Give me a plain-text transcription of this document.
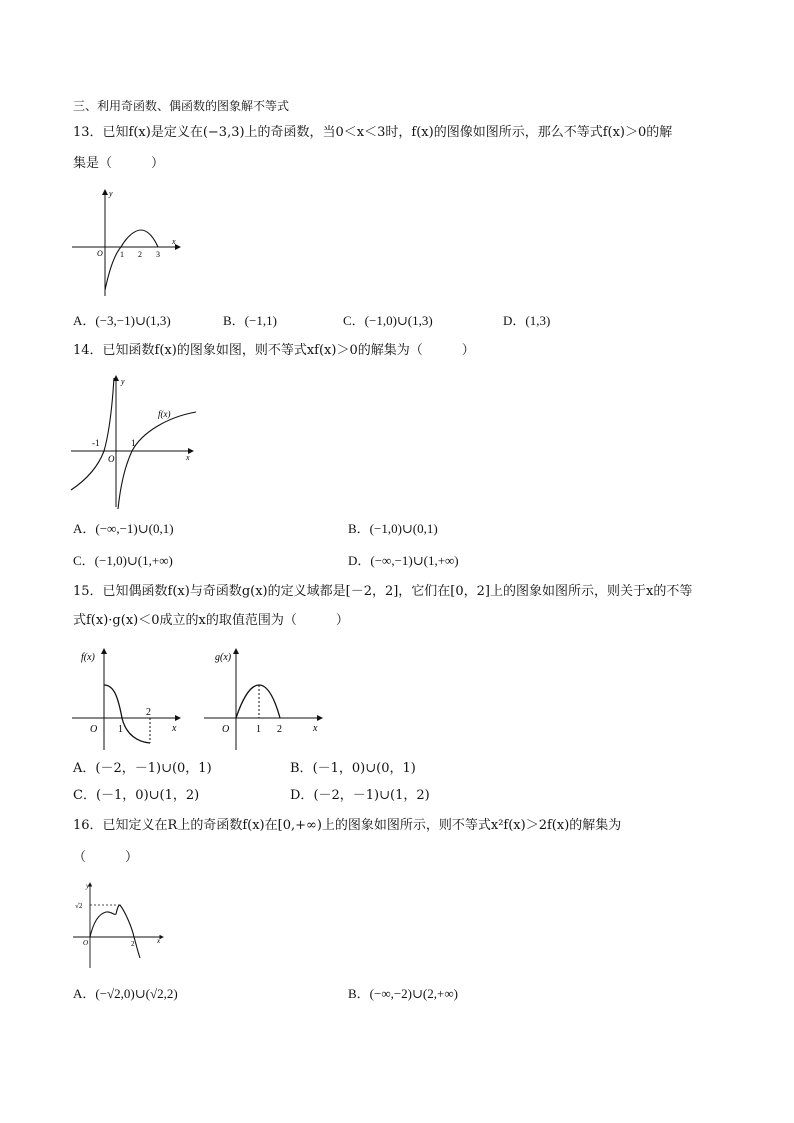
三、利用奇函数、偶函数的图象解不等式
13．已知f(x)是定义在(−3,3)上的奇函数，当0＜x＜3时，f(x)的图像如图所示，那么不等式f(x)＞0的解
集是（　　　）
y
x
O 1 2 3
A．(−3,−1)∪(1,3)	B．(−1,1)	C．(−1,0)∪(1,3)	D．(1,3)
14．已知函数f(x)的图象如图，则不等式xf(x)＞0的解集为（　　　）
y
x
O
f(x)
-1	1
A．(−∞,−1)∪(0,1)	B．(−1,0)∪(0,1)
C．(−1,0)∪(1,+∞)	D．(−∞,−1)∪(1,+∞)
15．已知偶函数f(x)与奇函数g(x)的定义域都是[－2，2]，它们在[0，2]上的图象如图所示，则关于x的不等
式f(x)·g(x)＜0成立的x的取值范围为（　　　）
f(x)
O 1
2
x
g(x)
O	1 2	x
A．(－2，－1)∪(0，1)	B．(－1，0)∪(0，1)
C．(－1，0)∪(1，2)	D．(－2，－1)∪(1，2)
16．已知定义在R上的奇函数f(x)在[0,+∞)上的图象如图所示，则不等式x²f(x)＞2f(x)的解集为
（　　　）
y
x
O
√2
2
A．(−√2,0)∪(√2,2)	B．(−∞,−2)∪(2,+∞)
